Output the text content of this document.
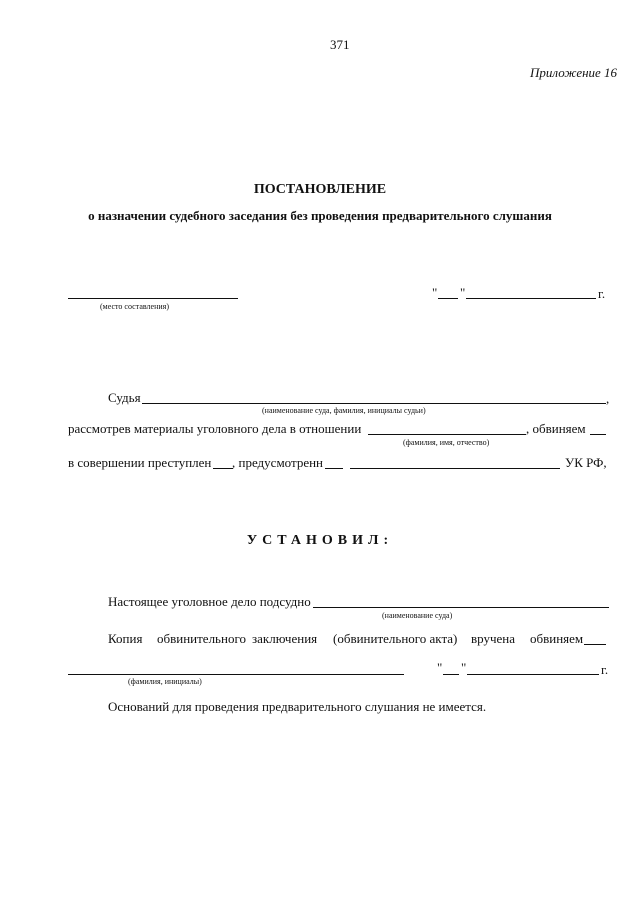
371
Приложение 16
ПОСТАНОВЛЕНИЕ
о назначении судебного заседания без проведения предварительного слушания
(место составления)
" "	г.
Судья	,
(наименование суда, фамилия, инициалы судьи)
рассмотрев материалы уголовного дела в отношении	, обвиняем
(фамилия, имя, отчество)
в совершении преступлен , предусмотренн	УК РФ,
УСТАНОВИЛ:
Настоящее уголовное дело подсудно
(наименование суда)
Копия обвинительного заключения (обвинительного акта) вручена обвиняем
(фамилия, инициалы)
" "	г.
Оснований для проведения предварительного слушания не имеется.
